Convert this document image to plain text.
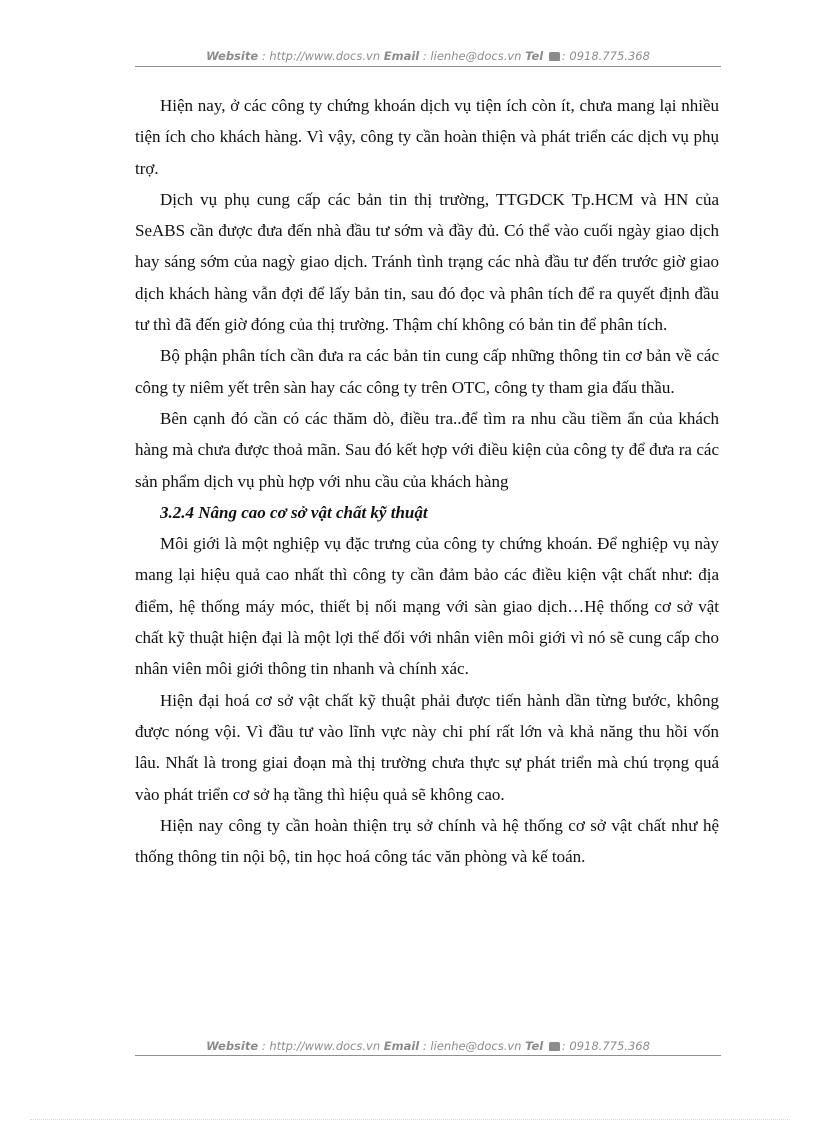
Website : http://www.docs.vn Email : lienhe@docs.vn Tel : 0918.775.368

Hiện nay, ở các công ty chứng khoán dịch vụ tiện ích còn ít, chưa mang lại nhiều tiện ích cho khách hàng. Vì vậy, công ty cần hoàn thiện và phát triển các dịch vụ phụ trợ.

Dịch vụ phụ cung cấp các bản tin thị trường, TTGDCK Tp.HCM và HN của SeABS cần được đưa đến nhà đầu tư sớm và đầy đủ. Có thể vào cuối ngày giao dịch hay sáng sớm của nagỳ giao dịch. Tránh tình trạng các nhà đầu tư đến trước giờ giao dịch khách hàng vẫn đợi để lấy bản tin, sau đó đọc và phân tích để ra quyết định đầu tư thì đã đến giờ đóng của thị trường. Thậm chí không có bản tin để phân tích.

Bộ phận phân tích cần đưa ra các bản tin cung cấp những thông tin cơ bản về các công ty niêm yết trên sàn hay các công ty trên OTC, công ty tham gia đấu thầu.

Bên cạnh đó cần có các thăm dò, điều tra..để tìm ra nhu cầu tiềm ẩn của khách hàng mà chưa được thoả mãn. Sau đó kết hợp với điều kiện của công ty để đưa ra các sản phẩm dịch vụ phù hợp với nhu cầu của khách hàng

3.2.4 Nâng cao cơ sở vật chất kỹ thuật

Môi giới là một nghiệp vụ đặc trưng của công ty chứng khoán. Để nghiệp vụ này mang lại hiệu quả cao nhất thì công ty cần đảm bảo các điều kiện vật chất như: địa điểm, hệ thống máy móc, thiết bị nối mạng với sàn giao dịch…Hệ thống cơ sở vật chất kỹ thuật hiện đại là một lợi thế đối với nhân viên môi giới vì nó sẽ cung cấp cho nhân viên môi giới thông tin nhanh và chính xác.

Hiện đại hoá cơ sở vật chất kỹ thuật phải được tiến hành dần từng bước, không được nóng vội. Vì đầu tư vào lĩnh vực này chi phí rất lớn và khả năng thu hồi vốn lâu. Nhất là trong giai đoạn mà thị trường chưa thực sự phát triển mà chú trọng quá vào phát triển cơ sở hạ tầng thì hiệu quả sẽ không cao.

Hiện nay công ty cần hoàn thiện trụ sở chính và hệ thống cơ sở vật chất như hệ thống thông tin nội bộ, tin học hoá công tác văn phòng và kế toán.

Website : http://www.docs.vn Email : lienhe@docs.vn Tel : 0918.775.368
